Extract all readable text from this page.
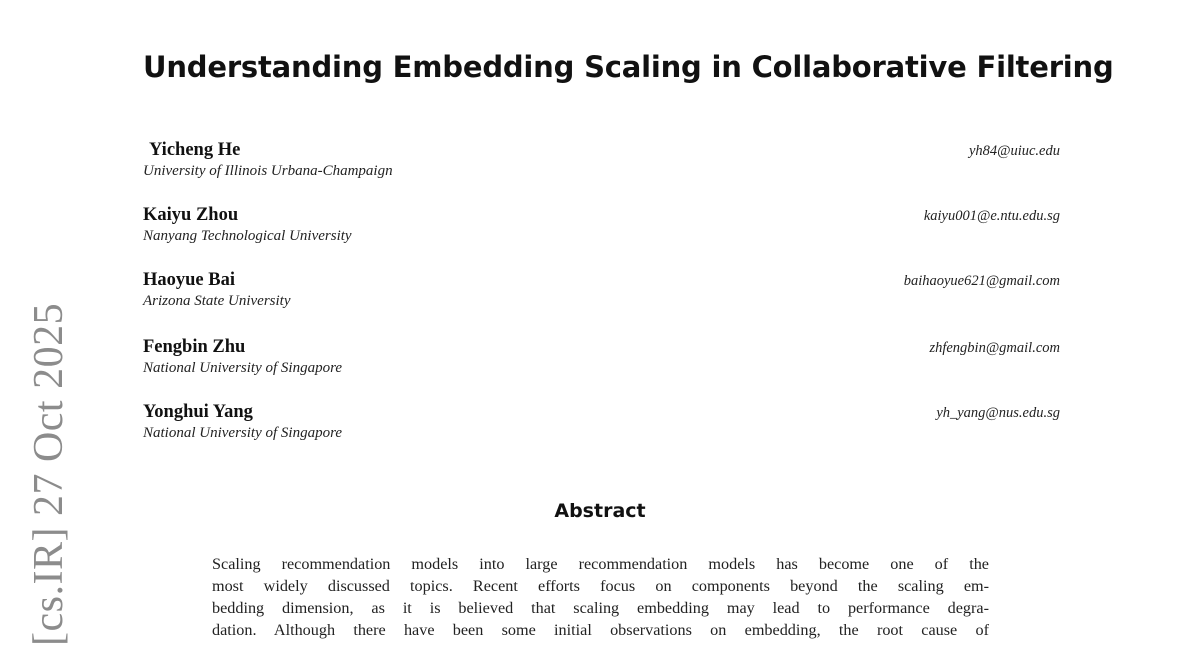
[cs.IR] 27 Oct 2025
Understanding Embedding Scaling in Collaborative Filtering
Yicheng He
University of Illinois Urbana-Champaign
yh84@uiuc.edu
Kaiyu Zhou
Nanyang Technological University
kaiyu001@e.ntu.edu.sg
Haoyue Bai
Arizona State University
baihaoyue621@gmail.com
Fengbin Zhu
National University of Singapore
zhfengbin@gmail.com
Yonghui Yang
National University of Singapore
yh_yang@nus.edu.sg
Abstract
Scaling recommendation models into large recommendation models has become one of the
most widely discussed topics. Recent efforts focus on components beyond the scaling em-
bedding dimension, as it is believed that scaling embedding may lead to performance degra-
dation. Although there have been some initial observations on embedding, the root cause of
